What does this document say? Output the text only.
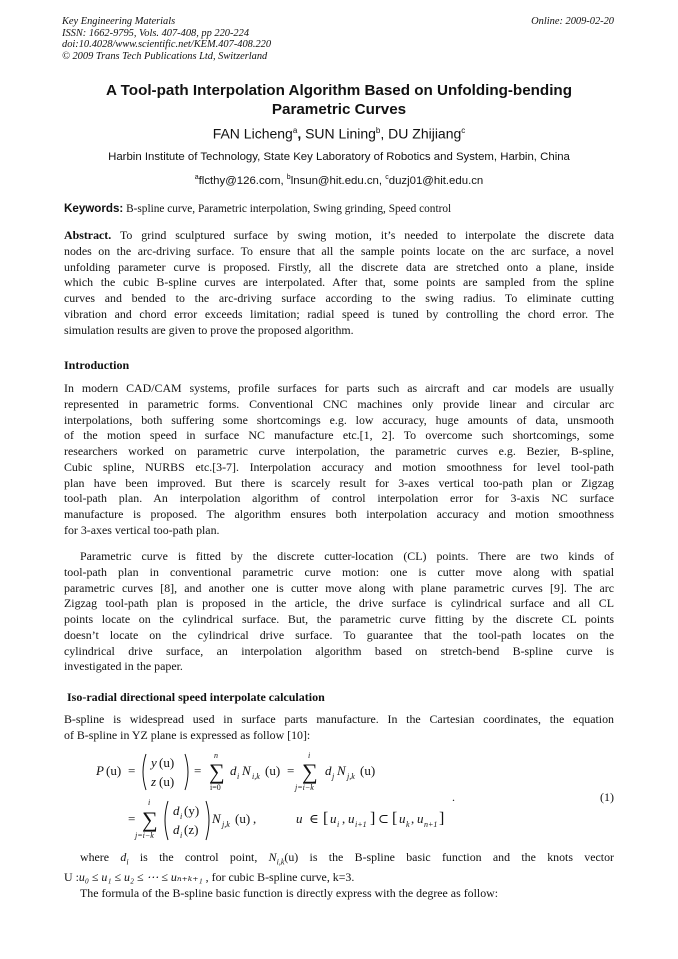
Key Engineering Materials
ISSN: 1662-9795, Vols. 407-408, pp 220-224
doi:10.4028/www.scientific.net/KEM.407-408.220
© 2009 Trans Tech Publications Ltd, Switzerland
Online: 2009-02-20
A Tool-path Interpolation Algorithm Based on Unfolding-bending
Parametric Curves
FAN Licheng$^a$, SUN Lining$^b$, DU Zhijiang$^c$
Harbin Institute of Technology, State Key Laboratory of Robotics and System, Harbin, China
$^a$flcthy@126.com, $^b$lnsun@hit.edu.cn, $^c$duzj01@hit.edu.cn
Keywords: B-spline curve, Parametric interpolation, Swing grinding, Speed control
Abstract. To grind sculptured surface by swing motion, it’s needed to interpolate the discrete data
nodes on the arc-driving surface. To ensure that all the sample points locate on the arc surface, a novel
unfolding parameter curve is proposed. Firstly, all the discrete data are stretched onto a plane, inside
which the cubic B-spline curves are interpolated. After that, some points are sampled from the spline
curves and bended to the arc-driving surface according to the swing radius. To eliminate cutting
vibration and chord error exceeds limitation; radial speed is tuned by controlling the chord error. The
simulation results are given to prove the proposed algorithm.
Introduction
In modern CAD/CAM systems, profile surfaces for parts such as aircraft and car models are usually
represented in parametric forms. Conventional CNC machines only provide linear and circular arc
interpolations, both suffering some shortcomings e.g. low accuracy, huge amounts of data, unsmooth
of the motion speed in surface NC manufacture etc.[1, 2]. To overcome such shortcomings, some
researchers worked on parametric curve interpolation, the parametric curves e.g. Bezier, B-spline,
Cubic spline, NURBS etc.[3-7]. Interpolation accuracy and motion smoothness for level tool-path
plan have been improved. But there is scarcely result for 3-axes vertical too-path plan or Zigzag
tool-path plan. An interpolation algorithm of control interpolation error for 3-axis NC surface
manufacture is proposed. The algorithm ensures both interpolation accuracy and motion smoothness
for 3-axes vertical too-path plan.
Parametric curve is fitted by the discrete cutter-location (CL) points. There are two kinds of
tool-path plan in conventional parametric curve motion: one is cutter move along with spatial
parametric curves [8], and another one is cutter move along with plane parametric curves [9]. The arc
Zigzag tool-path plan is proposed in the article, the drive surface is cylindrical surface and all CL
points locate on the cylindrical surface. But, the parametric curve fitting by the discrete CL points
doesn’t locate on the cylindrical drive surface. To guarantee that the tool-path locates on the
cylindrical drive surface, an interpolation algorithm based on stretch-bend B-spline curve is
investigated in the paper.
Iso-radial directional speed interpolate calculation
B-spline is widespread used in surface parts manufacture. In the Cartesian coordinates, the equation
of B-spline in YZ plane is expressed as follow [10]:
P (u) =
y (u)
z (u)
= ∑
n
i=0
d i N i,k (u) = ∑
i
j=i−k
d j N j,k (u)
= ∑
i
j=i−k
d i (y)
d i (z)
N j,k (u) ,	u ∈ [ u i , u i+1 ] ⊂ [ u k , u n+1 ]
.	(1)
where $d_i$ is the control point, $N_{i,k}(u)$ is the B-spline basic function and the knots vector
U :u₀ ≤ u₁ ≤ u₂ ≤ ⋯ ≤ uₙ₊ₖ₊₁ , for cubic B-spline curve, k=3.
The formula of the B-spline basic function is directly express with the degree as follow:
